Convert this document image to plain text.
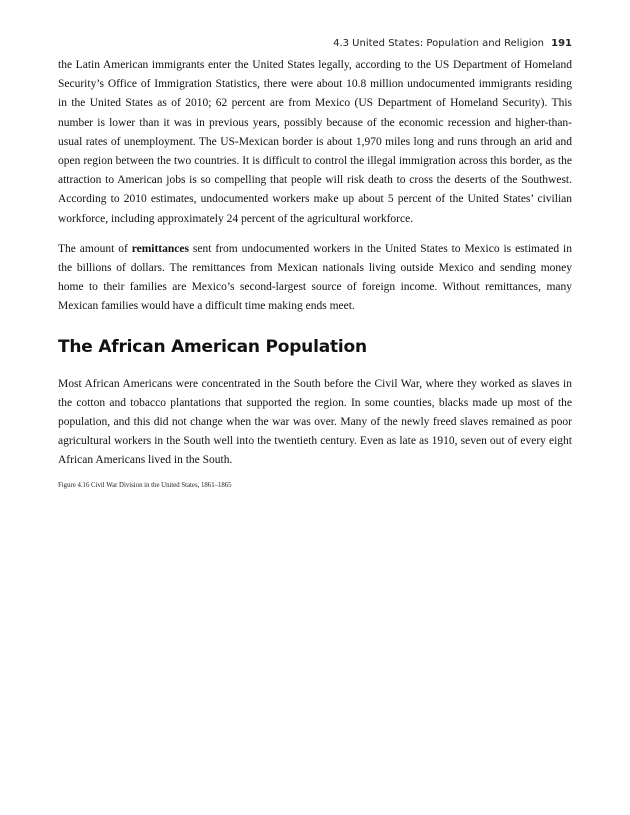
4.3 United States: Population and Religion 191

the Latin American immigrants enter the United States legally, according to the US Department of Homeland Security’s Office of Immigration Statistics, there were about 10.8 million undocumented immigrants residing in the United States as of 2010; 62 percent are from Mexico (US Department of Homeland Security). This number is lower than it was in previous years, possibly because of the economic recession and higher-than-usual rates of unemployment. The US-Mexican border is about 1,970 miles long and runs through an arid and open region between the two countries. It is difficult to control the illegal immigration across this border, as the attraction to American jobs is so compelling that people will risk death to cross the deserts of the Southwest. According to 2010 estimates, undocumented workers make up about 5 percent of the United States’ civilian workforce, including approximately 24 percent of the agricultural workforce.

The amount of remittances sent from undocumented workers in the United States to Mexico is estimated in the billions of dollars. The remittances from Mexican nationals living outside Mexico and sending money home to their families are Mexico’s second-largest source of foreign income. Without remittances, many Mexican families would have a difficult time making ends meet.

The African American Population

Most African Americans were concentrated in the South before the Civil War, where they worked as slaves in the cotton and tobacco plantations that supported the region. In some counties, blacks made up most of the population, and this did not change when the war was over. Many of the newly freed slaves remained as poor agricultural workers in the South well into the twentieth century. Even as late as 1910, seven out of every eight African Americans lived in the South.

Figure 4.16 Civil War Division in the United States, 1861–1865
